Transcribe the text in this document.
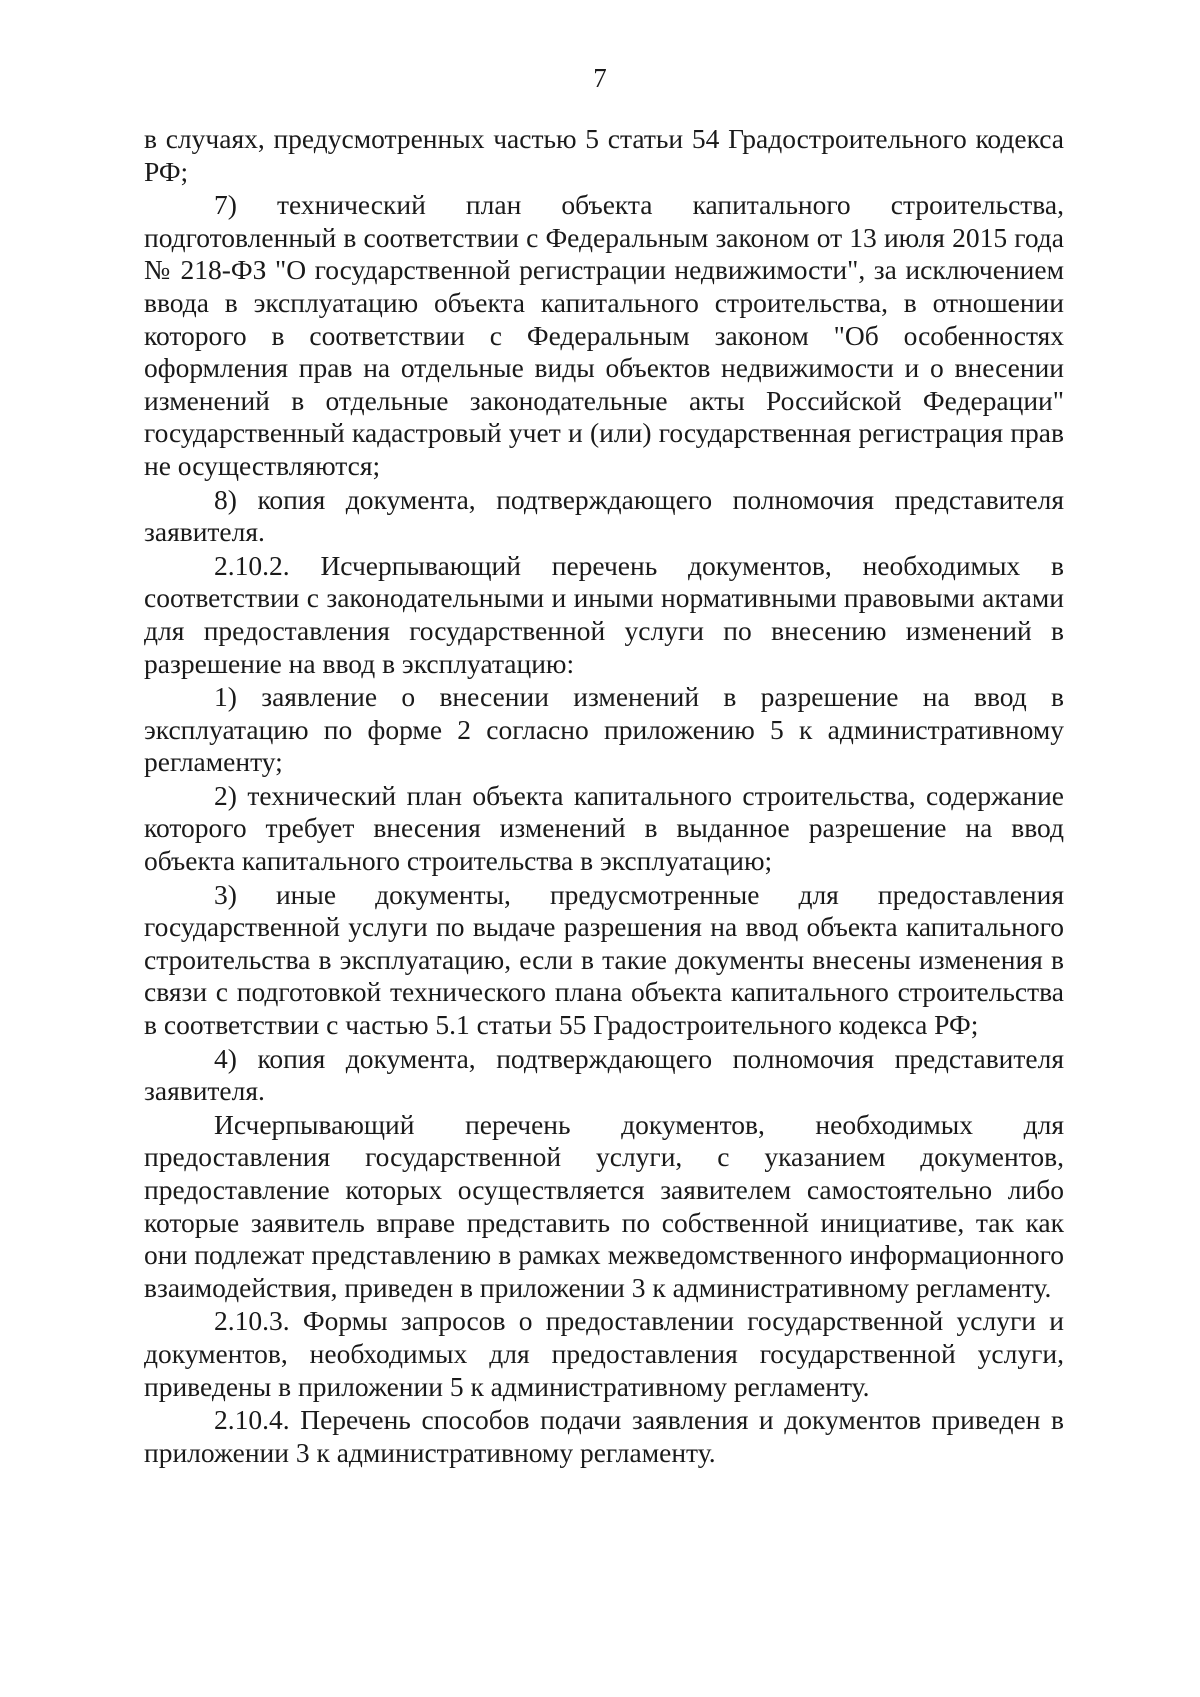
7

в случаях, предусмотренных частью 5 статьи 54 Градостроительного кодекса РФ;

7) технический план объекта капитального строительства, подготовленный в соответствии с Федеральным законом от 13 июля 2015 года № 218-ФЗ "О государственной регистрации недвижимости", за исключением ввода в эксплуатацию объекта капитального строительства, в отношении которого в соответствии с Федеральным законом "Об особенностях оформления прав на отдельные виды объектов недвижимости и о внесении изменений в отдельные законодательные акты Российской Федерации" государственный кадастровый учет и (или) государственная регистрация прав не осуществляются;

8) копия документа, подтверждающего полномочия представителя заявителя.

2.10.2. Исчерпывающий перечень документов, необходимых в соответствии с законодательными и иными нормативными правовыми актами для предоставления государственной услуги по внесению изменений в разрешение на ввод в эксплуатацию:

1) заявление о внесении изменений в разрешение на ввод в эксплуатацию по форме 2 согласно приложению 5 к административному регламенту;

2) технический план объекта капитального строительства, содержание которого требует внесения изменений в выданное разрешение на ввод объекта капитального строительства в эксплуатацию;

3) иные документы, предусмотренные для предоставления государственной услуги по выдаче разрешения на ввод объекта капитального строительства в эксплуатацию, если в такие документы внесены изменения в связи с подготовкой технического плана объекта капитального строительства в соответствии с частью 5.1 статьи 55 Градостроительного кодекса РФ;

4) копия документа, подтверждающего полномочия представителя заявителя.

Исчерпывающий перечень документов, необходимых для предоставления государственной услуги, с указанием документов, предоставление которых осуществляется заявителем самостоятельно либо которые заявитель вправе представить по собственной инициативе, так как они подлежат представлению в рамках межведомственного информационного взаимодействия, приведен в приложении 3 к административному регламенту.

2.10.3. Формы запросов о предоставлении государственной услуги и документов, необходимых для предоставления государственной услуги, приведены в приложении 5 к административному регламенту.

2.10.4. Перечень способов подачи заявления и документов приведен в приложении 3 к административному регламенту.
